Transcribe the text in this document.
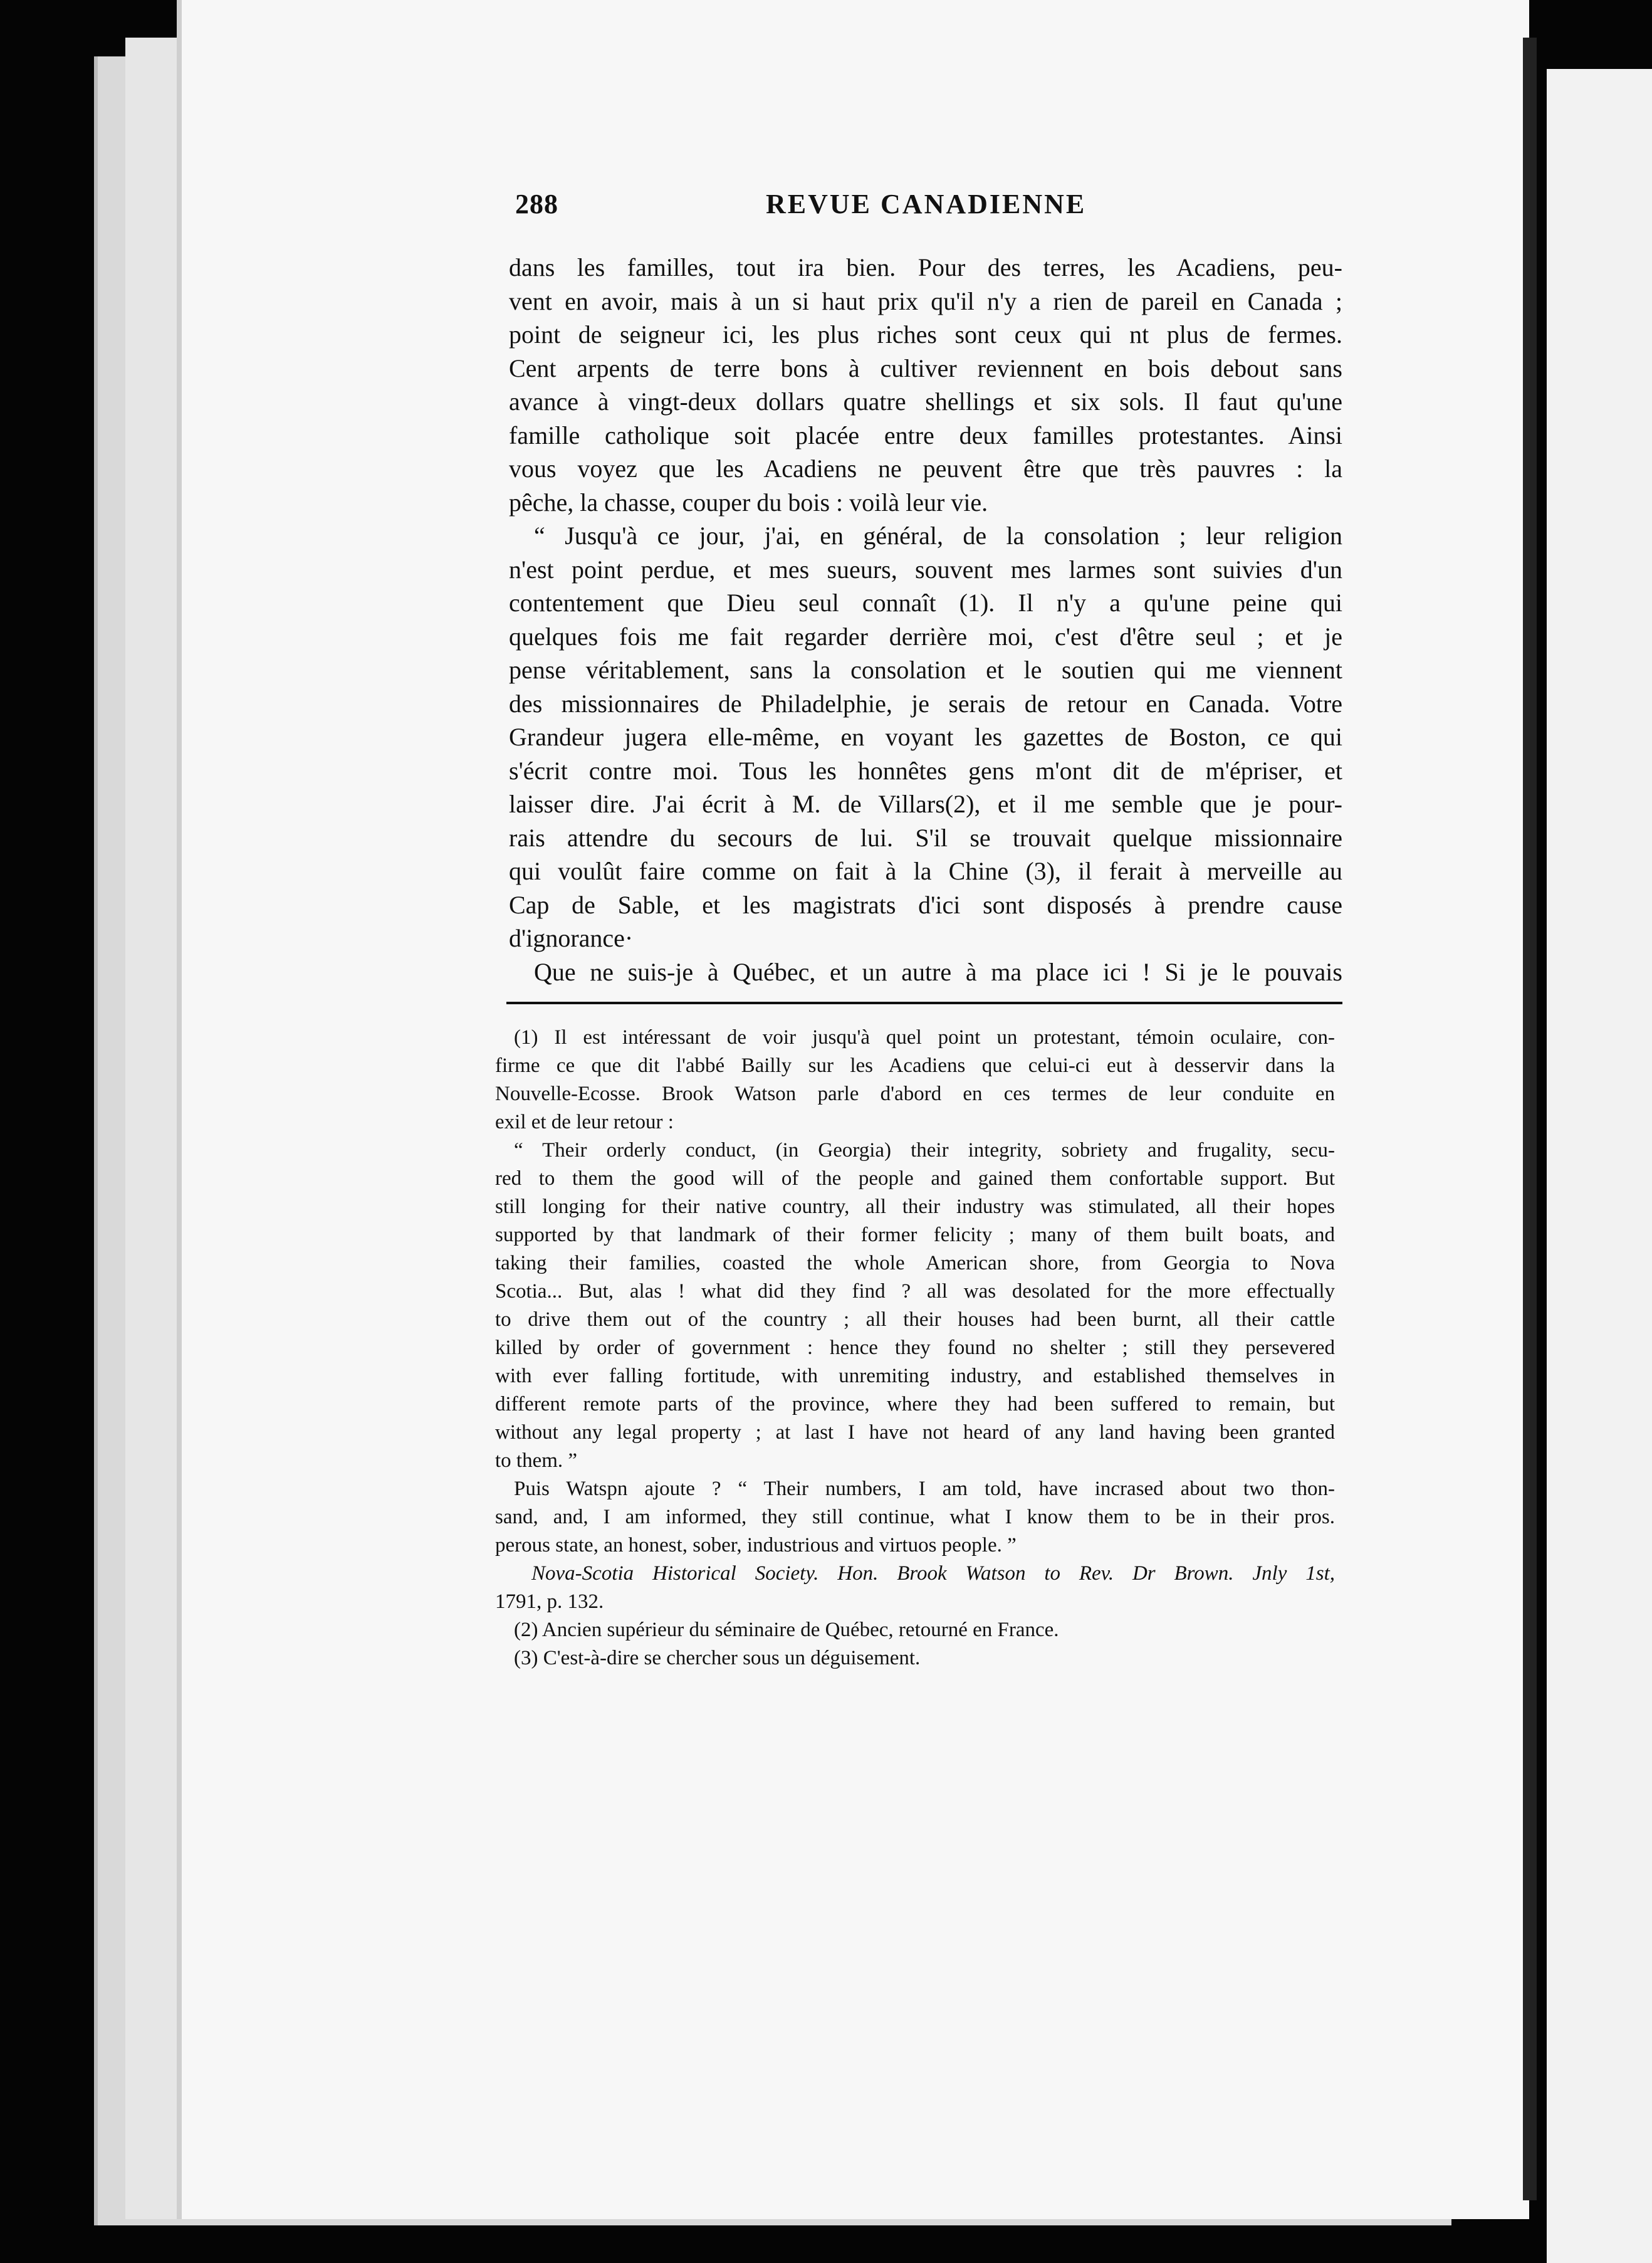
288	REVUE CANADIENNE
dans les familles, tout ira bien. Pour des terres, les Acadiens, peu-
vent en avoir, mais à un si haut prix qu'il n'y a rien de pareil en Canada ;
point de seigneur ici, les plus riches sont ceux qui nt plus de fermes.
Cent arpents de terre bons à cultiver reviennent en bois debout sans
avance à vingt-deux dollars quatre shellings et six sols. Il faut qu'une
famille catholique soit placée entre deux familles protestantes. Ainsi
vous voyez que les Acadiens ne peuvent être que très pauvres : la
pêche, la chasse, couper du bois : voilà leur vie.
“ Jusqu'à ce jour, j'ai, en général, de la consolation ; leur religion
n'est point perdue, et mes sueurs, souvent mes larmes sont suivies d'un
contentement que Dieu seul connaît (1). Il n'y a qu'une peine qui
quelques fois me fait regarder derrière moi, c'est d'être seul ; et je
pense véritablement, sans la consolation et le soutien qui me viennent
des missionnaires de Philadelphie, je serais de retour en Canada. Votre
Grandeur jugera elle-même, en voyant les gazettes de Boston, ce qui
s'écrit contre moi. Tous les honnêtes gens m'ont dit de m'épriser, et
laisser dire. J'ai écrit à M. de Villars(2), et il me semble que je pour-
rais attendre du secours de lui. S'il se trouvait quelque missionnaire
qui voulût faire comme on fait à la Chine (3), il ferait à merveille au
Cap de Sable, et les magistrats d'ici sont disposés à prendre cause
d'ignorance·
Que ne suis-je à Québec, et un autre à ma place ici ! Si je le pouvais
(1) Il est intéressant de voir jusqu'à quel point un protestant, témoin oculaire, con-
firme ce que dit l'abbé Bailly sur les Acadiens que celui-ci eut à desservir dans la
Nouvelle-Ecosse. Brook Watson parle d'abord en ces termes de leur conduite en
exil et de leur retour :
“ Their orderly conduct, (in Georgia) their integrity, sobriety and frugality, secu-
red to them the good will of the people and gained them confortable support. But
still longing for their native country, all their industry was stimulated, all their hopes
supported by that landmark of their former felicity ; many of them built boats, and
taking their families, coasted the whole American shore, from Georgia to Nova
Scotia... But, alas ! what did they find ? all was desolated for the more effectually
to drive them out of the country ; all their houses had been burnt, all their cattle
killed by order of government : hence they found no shelter ; still they persevered
with ever falling fortitude, with unremiting industry, and established themselves in
different remote parts of the province, where they had been suffered to remain, but
without any legal property ; at last I have not heard of any land having been granted
to them. ”
Puis Watspn ajoute ? “ Their numbers, I am told, have incrased about two thon-
sand, and, I am informed, they still continue, what I know them to be in their pros.
perous state, an honest, sober, industrious and virtuos people. ”
Nova-Scotia Historical Society. Hon. Brook Watson to Rev. Dr Brown. Jnly 1st,
1791, p. 132.
(2) Ancien supérieur du séminaire de Québec, retourné en France.
(3) C'est-à-dire se chercher sous un déguisement.
